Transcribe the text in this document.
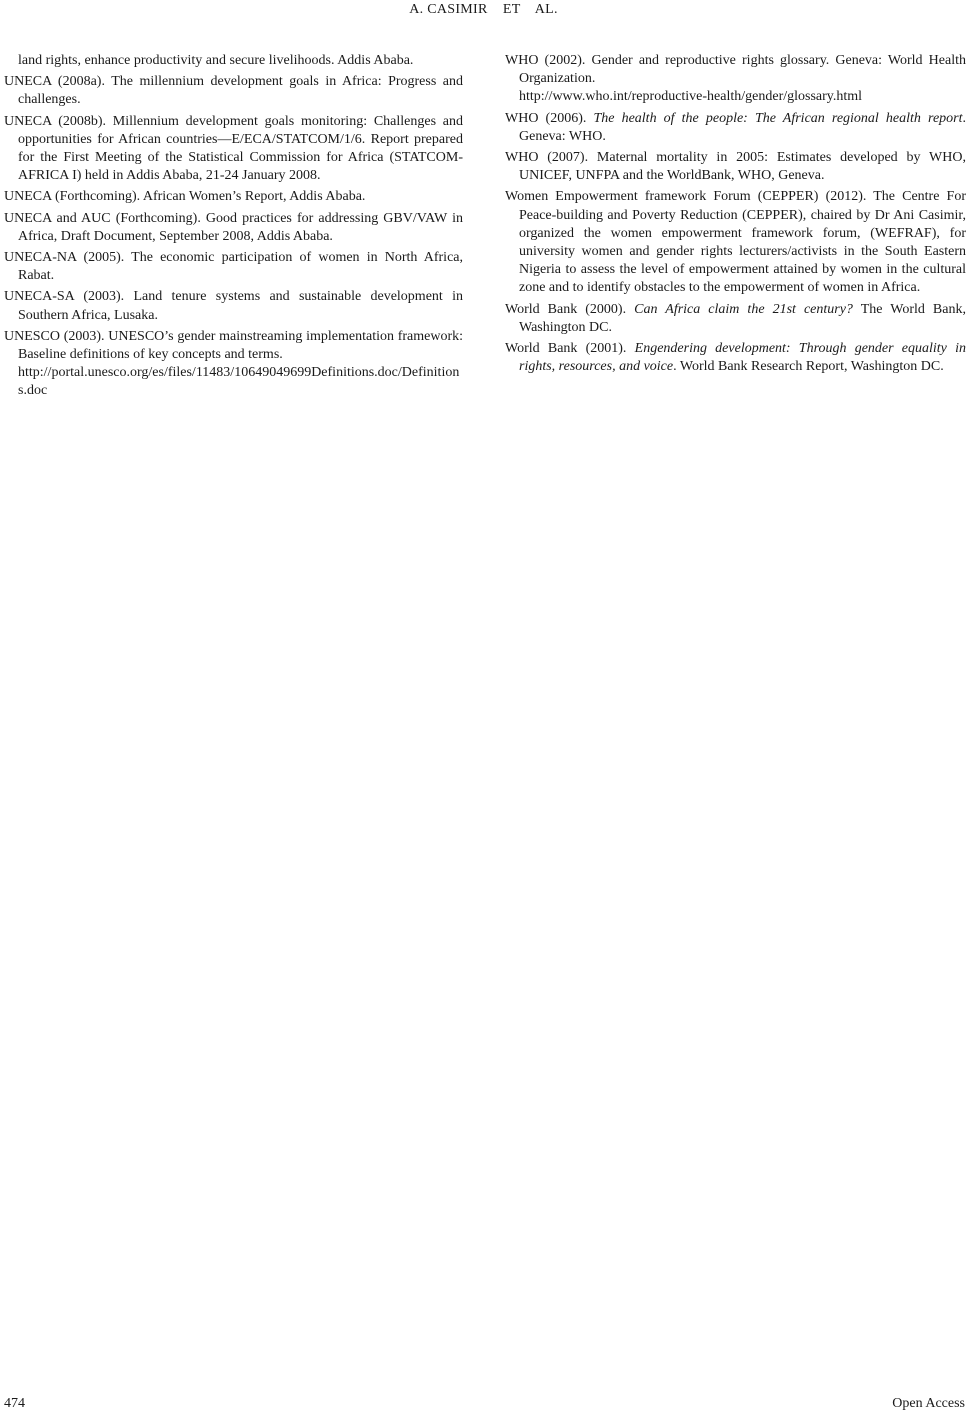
A. CASIMIR    ET    AL.

land rights, enhance productivity and secure livelihoods. Addis Ababa.

UNECA (2008a). The millennium development goals in Africa: Progress and challenges.

UNECA (2008b). Millennium development goals monitoring: Challenges and opportunities for African countries—E/ECA/STATCOM/1/6. Report prepared for the First Meeting of the Statistical Commission for Africa (STATCOM-AFRICA I) held in Addis Ababa, 21-24 January 2008.

UNECA (Forthcoming). African Women’s Report, Addis Ababa.

UNECA and AUC (Forthcoming). Good practices for addressing GBV/VAW in Africa, Draft Document, September 2008, Addis Ababa.

UNECA-NA (2005). The economic participation of women in North Africa, Rabat.

UNECA-SA (2003). Land tenure systems and sustainable development in Southern Africa, Lusaka.

UNESCO (2003). UNESCO’s gender mainstreaming implementation framework: Baseline definitions of key concepts and terms.
http://portal.unesco.org/es/files/11483/10649049699Definitions.doc/Definitions.doc
WHO (2002). Gender and reproductive rights glossary. Geneva: World Health Organization.
http://www.who.int/reproductive-health/gender/glossary.html

WHO (2006). The health of the people: The African regional health report. Geneva: WHO.

WHO (2007). Maternal mortality in 2005: Estimates developed by WHO, UNICEF, UNFPA and the WorldBank, WHO, Geneva.

Women Empowerment framework Forum (CEPPER) (2012). The Centre For Peace-building and Poverty Reduction (CEPPER), chaired by Dr Ani Casimir, organized the women empowerment framework forum, (WEFRAF), for university women and gender rights lecturers/activists in the South Eastern Nigeria to assess the level of empowerment attained by women in the cultural zone and to identify obstacles to the empowerment of women in Africa.

World Bank (2000). Can Africa claim the 21st century? The World Bank, Washington DC.

World Bank (2001). Engendering development: Through gender equality in rights, resources, and voice. World Bank Research Report, Washington DC.

474	Open Access
